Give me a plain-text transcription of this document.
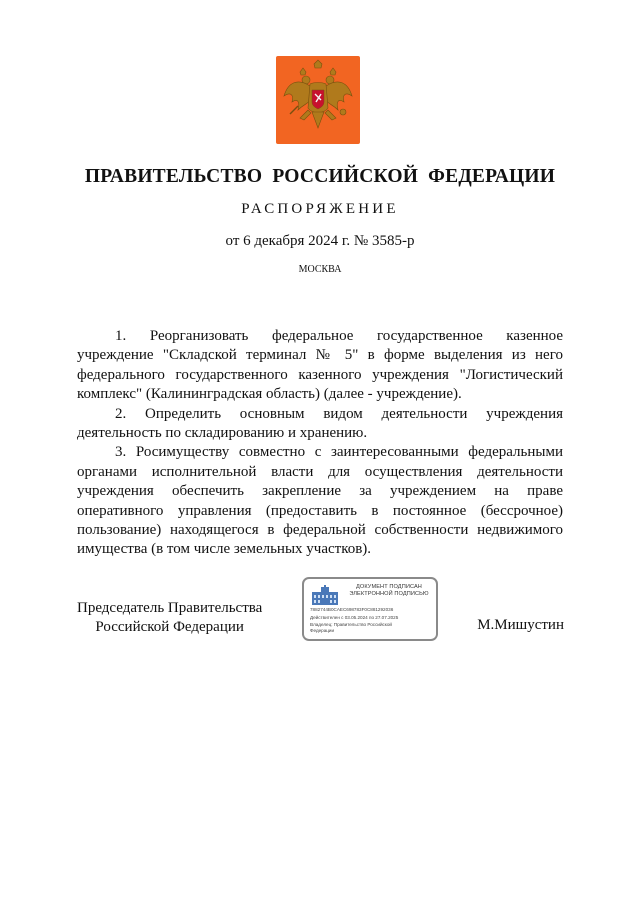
ПРАВИТЕЛЬСТВО РОССИЙСКОЙ ФЕДЕРАЦИИ
РАСПОРЯЖЕНИЕ
от 6 декабря 2024 г. № 3585-р
МОСКВА

1. Реорганизовать федеральное государственное казенное учреждение "Складской терминал № 5" в форме выделения из него федерального государственного казенного учреждения "Логистический комплекс" (Калининградская область) (далее - учреждение).

2. Определить основным видом деятельности учреждения деятельность по складированию и хранению.

3. Росимуществу совместно с заинтересованными федеральными органами исполнительной власти для осуществления деятельности учреждения обеспечить закрепление за учреждением на праве оперативного управления (предоставить в постоянное (бессрочное) пользование) находящегося в федеральной собственности недвижимого имущества (в том числе земельных участков).

Председатель Правительства
Российской Федерации
ДОКУМЕНТ ПОДПИСАН
ЭЛЕКТРОННОЙ ПОДПИСЬЮ
7882744B0CAEC698783F0C881292036
Действителен с 03.05.2024 по 27.07.2025
Владелец: Правительство Российской
Федерации	М.Мишустин
